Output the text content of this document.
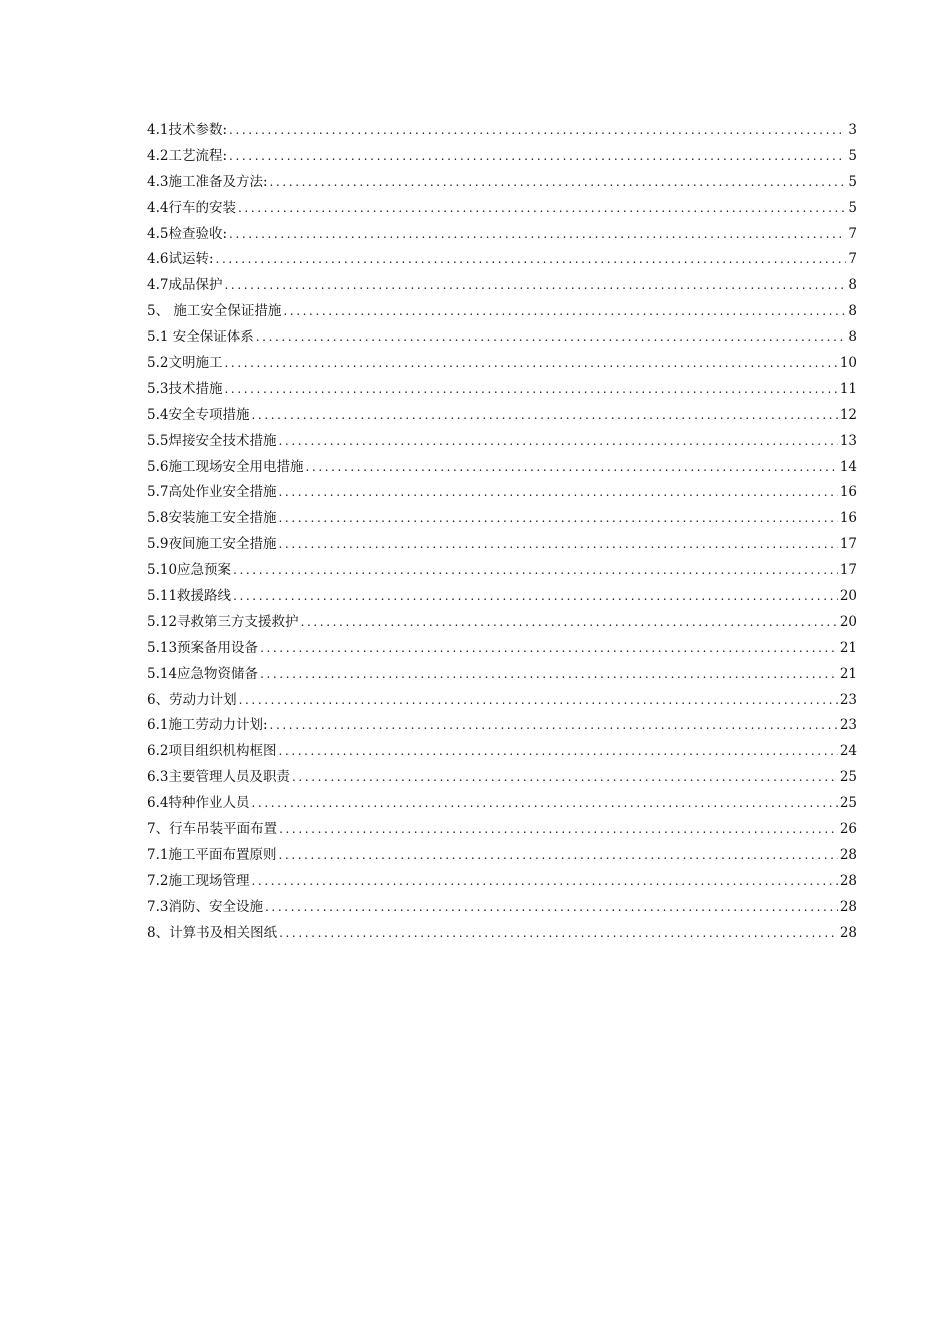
4.1技术参数: .....	3
4.2工艺流程: .....	5
4.3施工准备及方法: .....	5
4.4行车的安装 .....	5
4.5检查验收: .....	7
4.6试运转: .....	7
4.7成品保护 .....	8
5、 施工安全保证措施 .....	8
5.1 安全保证体系 .....	8
5.2文明施工 .....	10
5.3技术措施 .....	11
5.4安全专项措施 .....	12
5.5焊接安全技术措施 .....	13
5.6施工现场安全用电措施 .....	14
5.7高处作业安全措施 .....	16
5.8安装施工安全措施 .....	16
5.9夜间施工安全措施 .....	17
5.10应急预案 .....	17
5.11救援路线 .....	20
5.12寻救第三方支援救护 .....	20
5.13预案备用设备 .....	21
5.14应急物资储备 .....	21
6、劳动力计划 .....	23
6.1施工劳动力计划: .....	23
6.2项目组织机构框图 .....	24
6.3主要管理人员及职责 .....	25
6.4特种作业人员 .....	25
7、行车吊装平面布置 .....	26
7.1施工平面布置原则 .....	28
7.2施工现场管理 .....	28
7.3消防、安全设施 .....	28
8、计算书及相关图纸 .....	28
